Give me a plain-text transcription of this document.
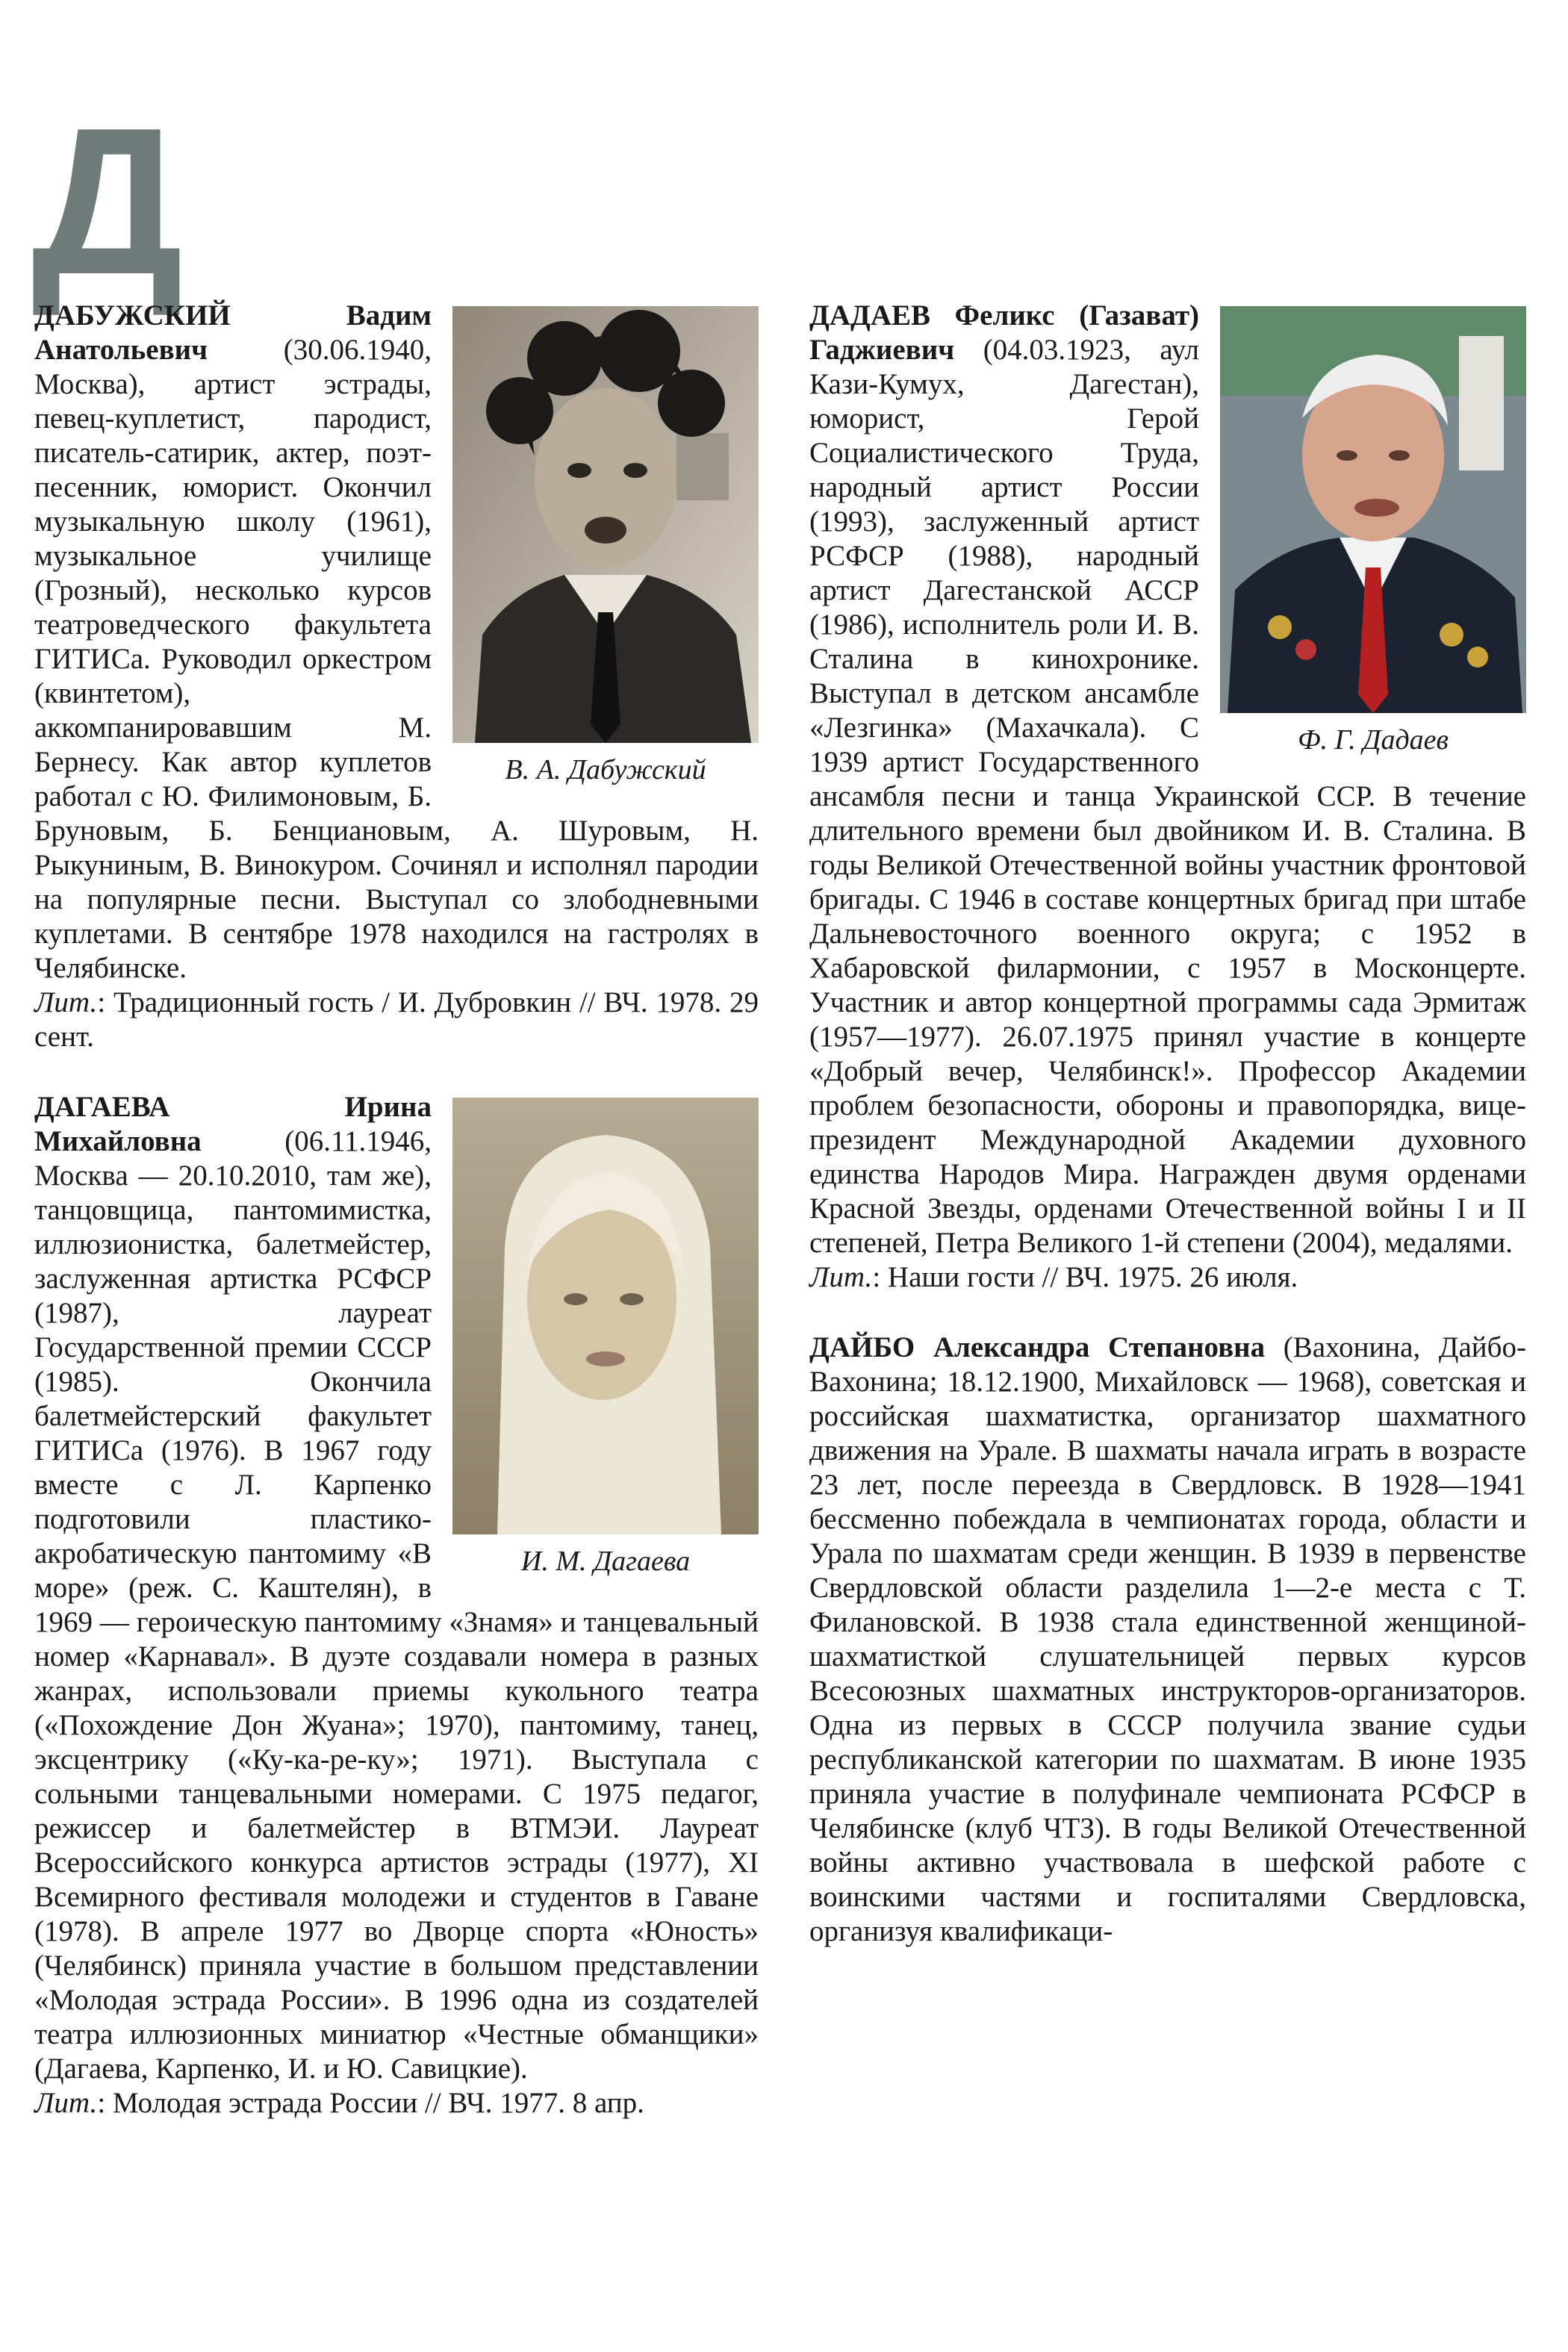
Д

В. А. Дабужский
ДАБУЖСКИЙ Вадим Анатольевич (30.06.1940, Москва), артист эстрады, певец-куплетист, пародист, писатель-сатирик, актер, поэт-песенник, юморист. Окончил музыкальную школу (1961), музыкальное училище (Грозный), несколько курсов театроведческого факультета ГИТИСа. Руководил оркестром (квинтетом), аккомпанировавшим М. Бернесу. Как автор куплетов работал с Ю. Филимоновым, Б. Бруновым, Б. Бенциановым, А. Шуровым, Н. Рыкуниным, В. Винокуром. Сочинял и исполнял пародии на популярные песни. Выступал со злободневными куплетами. В сентябре 1978 находился на гастролях в Челябинске.

Лит.: Традиционный гость / И. Дубровкин // ВЧ. 1978. 29 сент.

И. М. Дагаева
ДАГАЕВА Ирина Михайловна (06.11.1946, Москва — 20.10.2010, там же), танцовщица, пантомимистка, иллюзионистка, балетмейстер, заслуженная артистка РСФСР (1987), лауреат Государственной премии СССР (1985). Окончила балетмейстерский факультет ГИТИСа (1976). В 1967 году вместе с Л. Карпенко подготовили пластико-акробатическую пантомиму «В море» (реж. С. Каштелян), в 1969 — героическую пантомиму «Знамя» и танцевальный номер «Карнавал». В дуэте создавали номера в разных жанрах, использовали приемы кукольного театра («Похождение Дон Жуана»; 1970), пантомиму, танец, эксцентрику («Ку-ка-ре-ку»; 1971). Выступала с сольными танцевальными номерами. С 1975 педагог, режиссер и балетмейстер в ВТМЭИ. Лауреат Всероссийского конкурса артистов эстрады (1977), XI Всемирного фестиваля молодежи и студентов в Гаване (1978). В апреле 1977 во Дворце спорта «Юность» (Челябинск) приняла участие в большом представлении «Молодая эстрада России». В 1996 одна из создателей театра иллюзионных миниатюр «Честные обманщики» (Дагаева, Карпенко, И. и Ю. Савицкие).

Лит.: Молодая эстрада России // ВЧ. 1977. 8 апр.

Ф. Г. Дадаев
ДАДАЕВ Феликс (Газават) Гаджиевич (04.03.1923, аул Кази-Кумух, Дагестан), юморист, Герой Социалистического Труда, народный артист России (1993), заслуженный артист РСФСР (1988), народный артист Дагестанской АССР (1986), исполнитель роли И. В. Сталина в кинохронике. Выступал в детском ансамбле «Лезгинка» (Махачкала). С 1939 артист Государственного ансамбля песни и танца Украинской ССР. В течение длительного времени был двойником И. В. Сталина. В годы Великой Отечественной войны участник фронтовой бригады. С 1946 в составе концертных бригад при штабе Дальневосточного военного округа; с 1952 в Хабаровской филармонии, с 1957 в Москонцерте. Участник и автор концертной программы сада Эрмитаж (1957—1977). 26.07.1975 принял участие в концерте «Добрый вечер, Челябинск!». Профессор Академии проблем безопасности, обороны и правопорядка, вице-президент Международной Академии духовного единства Народов Мира. Награжден двумя орденами Красной Звезды, орденами Отечественной войны I и II степеней, Петра Великого 1-й степени (2004), медалями.

Лит.: Наши гости // ВЧ. 1975. 26 июля.

ДАЙБО Александра Степановна (Вахонина, Дайбо-Вахонина; 18.12.1900, Михайловск — 1968), советская и российская шахматистка, организатор шахматного движения на Урале. В шахматы начала играть в возрасте 23 лет, после переезда в Свердловск. В 1928—1941 бессменно побеждала в чемпионатах города, области и Урала по шахматам среди женщин. В 1939 в первенстве Свердловской области разделила 1—2-е места с Т. Филановской. В 1938 стала единственной женщиной-шахматисткой слушательницей первых курсов Всесоюзных шахматных инструкторов-организаторов. Одна из первых в СССР получила звание судьи республиканской категории по шахматам. В июне 1935 приняла участие в полуфинале чемпионата РСФСР в Челябинске (клуб ЧТЗ). В годы Великой Отечественной войны активно участвовала в шефской работе с воинскими частями и госпиталями Свердловска, организуя квалификаци-
